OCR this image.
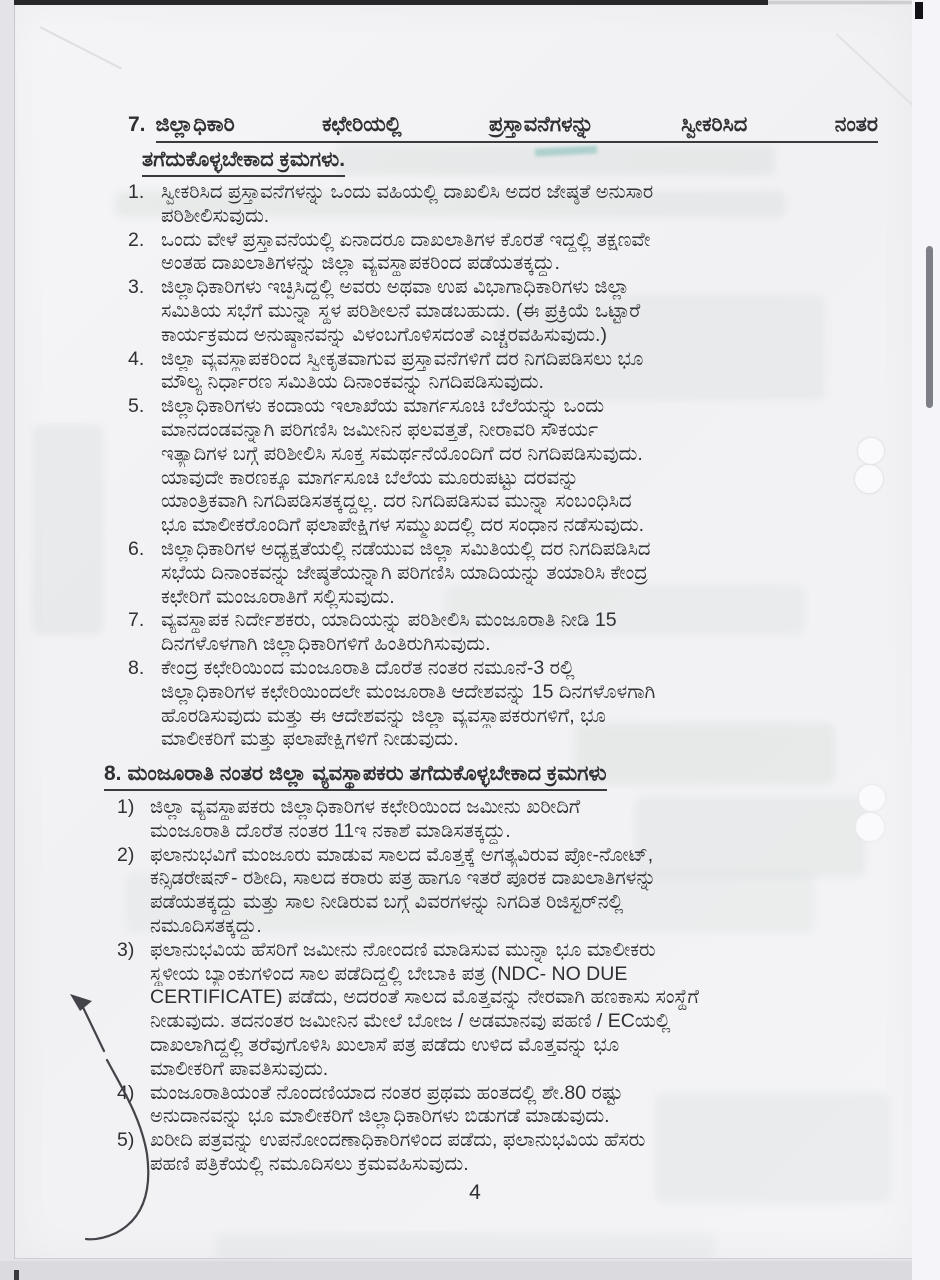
7. ಜಿಲ್ಲಾಧಿಕಾರಿ	ಕಛೇರಿಯಲ್ಲಿ	ಪ್ರಸ್ತಾವನೆಗಳನ್ನು	ಸ್ವೀಕರಿಸಿದ	ನಂತರ
ತಗೆದುಕೊಳ್ಳಬೇಕಾದ ಕ್ರಮಗಳು.
1. ಸ್ವೀಕರಿಸಿದ ಪ್ರಸ್ತಾವನೆಗಳನ್ನು ಒಂದು ವಹಿಯಲ್ಲಿ ದಾಖಲಿಸಿ ಅದರ ಜೇಷ್ಠತೆ ಅನುಸಾರ
ಪರಿಶೀಲಿಸುವುದು.
2. ಒಂದು ವೇಳೆ ಪ್ರಸ್ತಾವನೆಯಲ್ಲಿ ಏನಾದರೂ ದಾಖಲಾತಿಗಳ ಕೊರತೆ ಇದ್ದಲ್ಲಿ ತಕ್ಷಣವೇ
ಅಂತಹ ದಾಖಲಾತಿಗಳನ್ನು ಜಿಲ್ಲಾ ವ್ಯವಸ್ಥಾಪಕರಿಂದ ಪಡೆಯತಕ್ಕದ್ದು.
3. ಜಿಲ್ಲಾಧಿಕಾರಿಗಳು ಇಚ್ಛಿಸಿದ್ದಲ್ಲಿ ಅವರು ಅಥವಾ ಉಪ ವಿಭಾಗಾಧಿಕಾರಿಗಳು ಜಿಲ್ಲಾ
ಸಮಿತಿಯ ಸಭೆಗೆ ಮುನ್ನಾ ಸ್ಥಳ ಪರಿಶೀಲನೆ ಮಾಡಬಹುದು. (ಈ ಪ್ರಕ್ರಿಯೆ ಒಟ್ಟಾರೆ
ಕಾರ್ಯಕ್ರಮದ ಅನುಷ್ಠಾನವನ್ನು ವಿಳಂಬಗೊಳಿಸದಂತೆ ಎಚ್ಚರವಹಿಸುವುದು.)
4. ಜಿಲ್ಲಾ ವ್ಯವಸ್ಥಾಪಕರಿಂದ ಸ್ವೀಕೃತವಾಗುವ ಪ್ರಸ್ತಾವನೆಗಳಿಗೆ ದರ ನಿಗದಿಪಡಿಸಲು ಭೂ
ಮೌಲ್ಯ ನಿರ್ಧಾರಣ ಸಮಿತಿಯ ದಿನಾಂಕವನ್ನು ನಿಗದಿಪಡಿಸುವುದು.
5. ಜಿಲ್ಲಾಧಿಕಾರಿಗಳು ಕಂದಾಯ ಇಲಾಖೆಯ ಮಾರ್ಗಸೂಚಿ ಬೆಲೆಯನ್ನು ಒಂದು
ಮಾನದಂಡವನ್ನಾಗಿ ಪರಿಗಣಿಸಿ ಜಮೀನಿನ ಫಲವತ್ತತೆ, ನೀರಾವರಿ ಸೌಕರ್ಯ
ಇತ್ಯಾದಿಗಳ ಬಗ್ಗೆ ಪರಿಶೀಲಿಸಿ ಸೂಕ್ತ ಸಮರ್ಥನೆಯೊಂದಿಗೆ ದರ ನಿಗದಿಪಡಿಸುವುದು.
ಯಾವುದೇ ಕಾರಣಕ್ಕೂ ಮಾರ್ಗಸೂಚಿ ಬೆಲೆಯ ಮೂರುಪಟ್ಟು ದರವನ್ನು
ಯಾಂತ್ರಿಕವಾಗಿ ನಿಗದಿಪಡಿಸತಕ್ಕದ್ದಲ್ಲ. ದರ ನಿಗದಿಪಡಿಸುವ ಮುನ್ನಾ ಸಂಬಂಧಿಸಿದ
ಭೂ ಮಾಲೀಕರೊಂದಿಗೆ ಫಲಾಪೇಕ್ಷಿಗಳ ಸಮ್ಮುಖದಲ್ಲಿ ದರ ಸಂಧಾನ ನಡೆಸುವುದು.
6. ಜಿಲ್ಲಾಧಿಕಾರಿಗಳ ಅಧ್ಯಕ್ಷತೆಯಲ್ಲಿ ನಡೆಯುವ ಜಿಲ್ಲಾ ಸಮಿತಿಯಲ್ಲಿ ದರ ನಿಗದಿಪಡಿಸಿದ
ಸಭೆಯ ದಿನಾಂಕವನ್ನು ಜೇಷ್ಠತೆಯನ್ನಾಗಿ ಪರಿಗಣಿಸಿ ಯಾದಿಯನ್ನು ತಯಾರಿಸಿ ಕೇಂದ್ರ
ಕಛೇರಿಗೆ ಮಂಜೂರಾತಿಗೆ ಸಲ್ಲಿಸುವುದು.
7. ವ್ಯವಸ್ಥಾಪಕ ನಿರ್ದೇಶಕರು, ಯಾದಿಯನ್ನು ಪರಿಶೀಲಿಸಿ ಮಂಜೂರಾತಿ ನೀಡಿ 15
ದಿನಗಳೊಳಗಾಗಿ ಜಿಲ್ಲಾಧಿಕಾರಿಗಳಿಗೆ ಹಿಂತಿರುಗಿಸುವುದು.
8. ಕೇಂದ್ರ ಕಛೇರಿಯಿಂದ ಮಂಜೂರಾತಿ ದೊರೆತ ನಂತರ ನಮೂನೆ-3 ರಲ್ಲಿ
ಜಿಲ್ಲಾಧಿಕಾರಿಗಳ ಕಛೇರಿಯಿಂದಲೇ ಮಂಜೂರಾತಿ ಆದೇಶವನ್ನು 15 ದಿನಗಳೊಳಗಾಗಿ
ಹೊರಡಿಸುವುದು ಮತ್ತು ಈ ಆದೇಶವನ್ನು ಜಿಲ್ಲಾ ವ್ಯವಸ್ಥಾಪಕರುಗಳಿಗೆ, ಭೂ
ಮಾಲೀಕರಿಗೆ ಮತ್ತು ಫಲಾಪೇಕ್ಷಿಗಳಿಗೆ ನೀಡುವುದು.
8. ಮಂಜೂರಾತಿ ನಂತರ ಜಿಲ್ಲಾ ವ್ಯವಸ್ಥಾಪಕರು ತಗೆದುಕೊಳ್ಳಬೇಕಾದ ಕ್ರಮಗಳು
1) ಜಿಲ್ಲಾ ವ್ಯವಸ್ಥಾಪಕರು ಜಿಲ್ಲಾಧಿಕಾರಿಗಳ ಕಛೇರಿಯಿಂದ ಜಮೀನು ಖರೀದಿಗೆ
ಮಂಜೂರಾತಿ ದೊರೆತ ನಂತರ 11ಇ ನಕಾಶೆ ಮಾಡಿಸತಕ್ಕದ್ದು.
2) ಫಲಾನುಭವಿಗೆ ಮಂಜೂರು ಮಾಡುವ ಸಾಲದ ಮೊತ್ತಕ್ಕೆ ಅಗತ್ಯವಿರುವ ಪ್ರೋ-ನೋಟ್,
ಕನ್ಸಿಡರೇಷನ್- ರಶೀದಿ, ಸಾಲದ ಕರಾರು ಪತ್ರ ಹಾಗೂ ಇತರೆ ಪೂರಕ ದಾಖಲಾತಿಗಳನ್ನು
ಪಡೆಯತಕ್ಕದ್ದು ಮತ್ತು ಸಾಲ ನೀಡಿರುವ ಬಗ್ಗೆ ವಿವರಗಳನ್ನು ನಿಗದಿತ ರಿಜಿಸ್ಟರ್‌ನಲ್ಲಿ
ನಮೂದಿಸತಕ್ಕದ್ದು.
3) ಫಲಾನುಭವಿಯ ಹೆಸರಿಗೆ ಜಮೀನು ನೋಂದಣಿ ಮಾಡಿಸುವ ಮುನ್ನಾ ಭೂ ಮಾಲೀಕರು
ಸ್ಥಳೀಯ ಬ್ಯಾಂಕುಗಳಿಂದ ಸಾಲ ಪಡೆದಿದ್ದಲ್ಲಿ ಬೇಬಾಕಿ ಪತ್ರ (NDC- NO DUE
CERTIFICATE) ಪಡೆದು, ಅದರಂತೆ ಸಾಲದ ಮೊತ್ತವನ್ನು ನೇರವಾಗಿ ಹಣಕಾಸು ಸಂಸ್ಥೆಗೆ
ನೀಡುವುದು. ತದನಂತರ ಜಮೀನಿನ ಮೇಲೆ ಬೋಜ / ಅಡಮಾನವು ಪಹಣಿ / ECಯಲ್ಲಿ
ದಾಖಲಾಗಿದ್ದಲ್ಲಿ ತರೆವುಗೊಳಿಸಿ ಖುಲಾಸೆ ಪತ್ರ ಪಡೆದು ಉಳಿದ ಮೊತ್ತವನ್ನು ಭೂ
ಮಾಲೀಕರಿಗೆ ಪಾವತಿಸುವುದು.
4) ಮಂಜೂರಾತಿಯಂತೆ ನೊಂದಣಿಯಾದ ನಂತರ ಪ್ರಥಮ ಹಂತದಲ್ಲಿ ಶೇ.80 ರಷ್ಟು
ಅನುದಾನವನ್ನು ಭೂ ಮಾಲೀಕರಿಗೆ ಜಿಲ್ಲಾಧಿಕಾರಿಗಳು ಬಿಡುಗಡೆ ಮಾಡುವುದು.
5) ಖರೀದಿ ಪತ್ರವನ್ನು ಉಪನೋಂದಣಾಧಿಕಾರಿಗಳಿಂದ ಪಡೆದು, ಫಲಾನುಭವಿಯ ಹೆಸರು
ಪಹಣಿ ಪತ್ರಿಕೆಯಲ್ಲಿ ನಮೂದಿಸಲು ಕ್ರಮವಹಿಸುವುದು.
4
